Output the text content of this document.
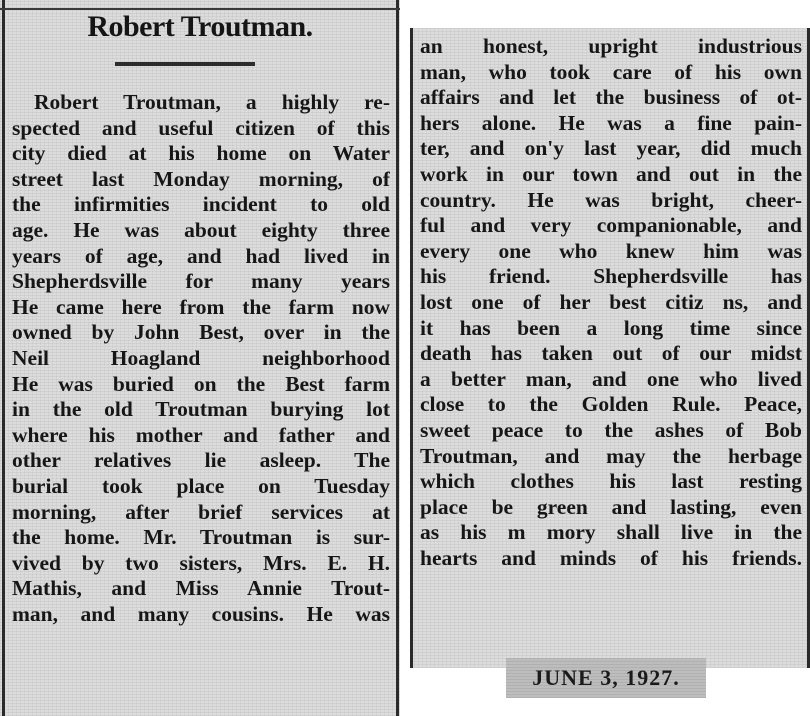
Robert Troutman.
Robert Troutman, a highly re-
spected and useful citizen of this
city died at his home on Water
street last Monday morning, of
the infirmities incident to old
age. He was about eighty three
years of age, and had lived in
Shepherdsville for many years
He came here from the farm now
owned by John Best, over in the
Neil Hoagland neighborhood
He was buried on the Best farm
in the old Troutman burying lot
where his mother and father and
other relatives lie asleep. The
burial took place on Tuesday
morning, after brief services at
the home. Mr. Troutman is sur-
vived by two sisters, Mrs. E. H.
Mathis, and Miss Annie Trout-
man, and many cousins. He was
an honest, upright industrious
man, who took care of his own
affairs and let the business of ot-
hers alone. He was a fine pain-
ter, and on'y last year, did much
work in our town and out in the
country. He was bright, cheer-
ful and very companionable, and
every one who knew him was
his friend. Shepherdsville has
lost one of her best citiz ns, and
it has been a long time since
death has taken out of our midst
a better man, and one who lived
close to the Golden Rule. Peace,
sweet peace to the ashes of Bob
Troutman, and may the herbage
which clothes his last resting
place be green and lasting, even
as his m mory shall live in the
hearts and minds of his friends.
JUNE 3, 1927.
